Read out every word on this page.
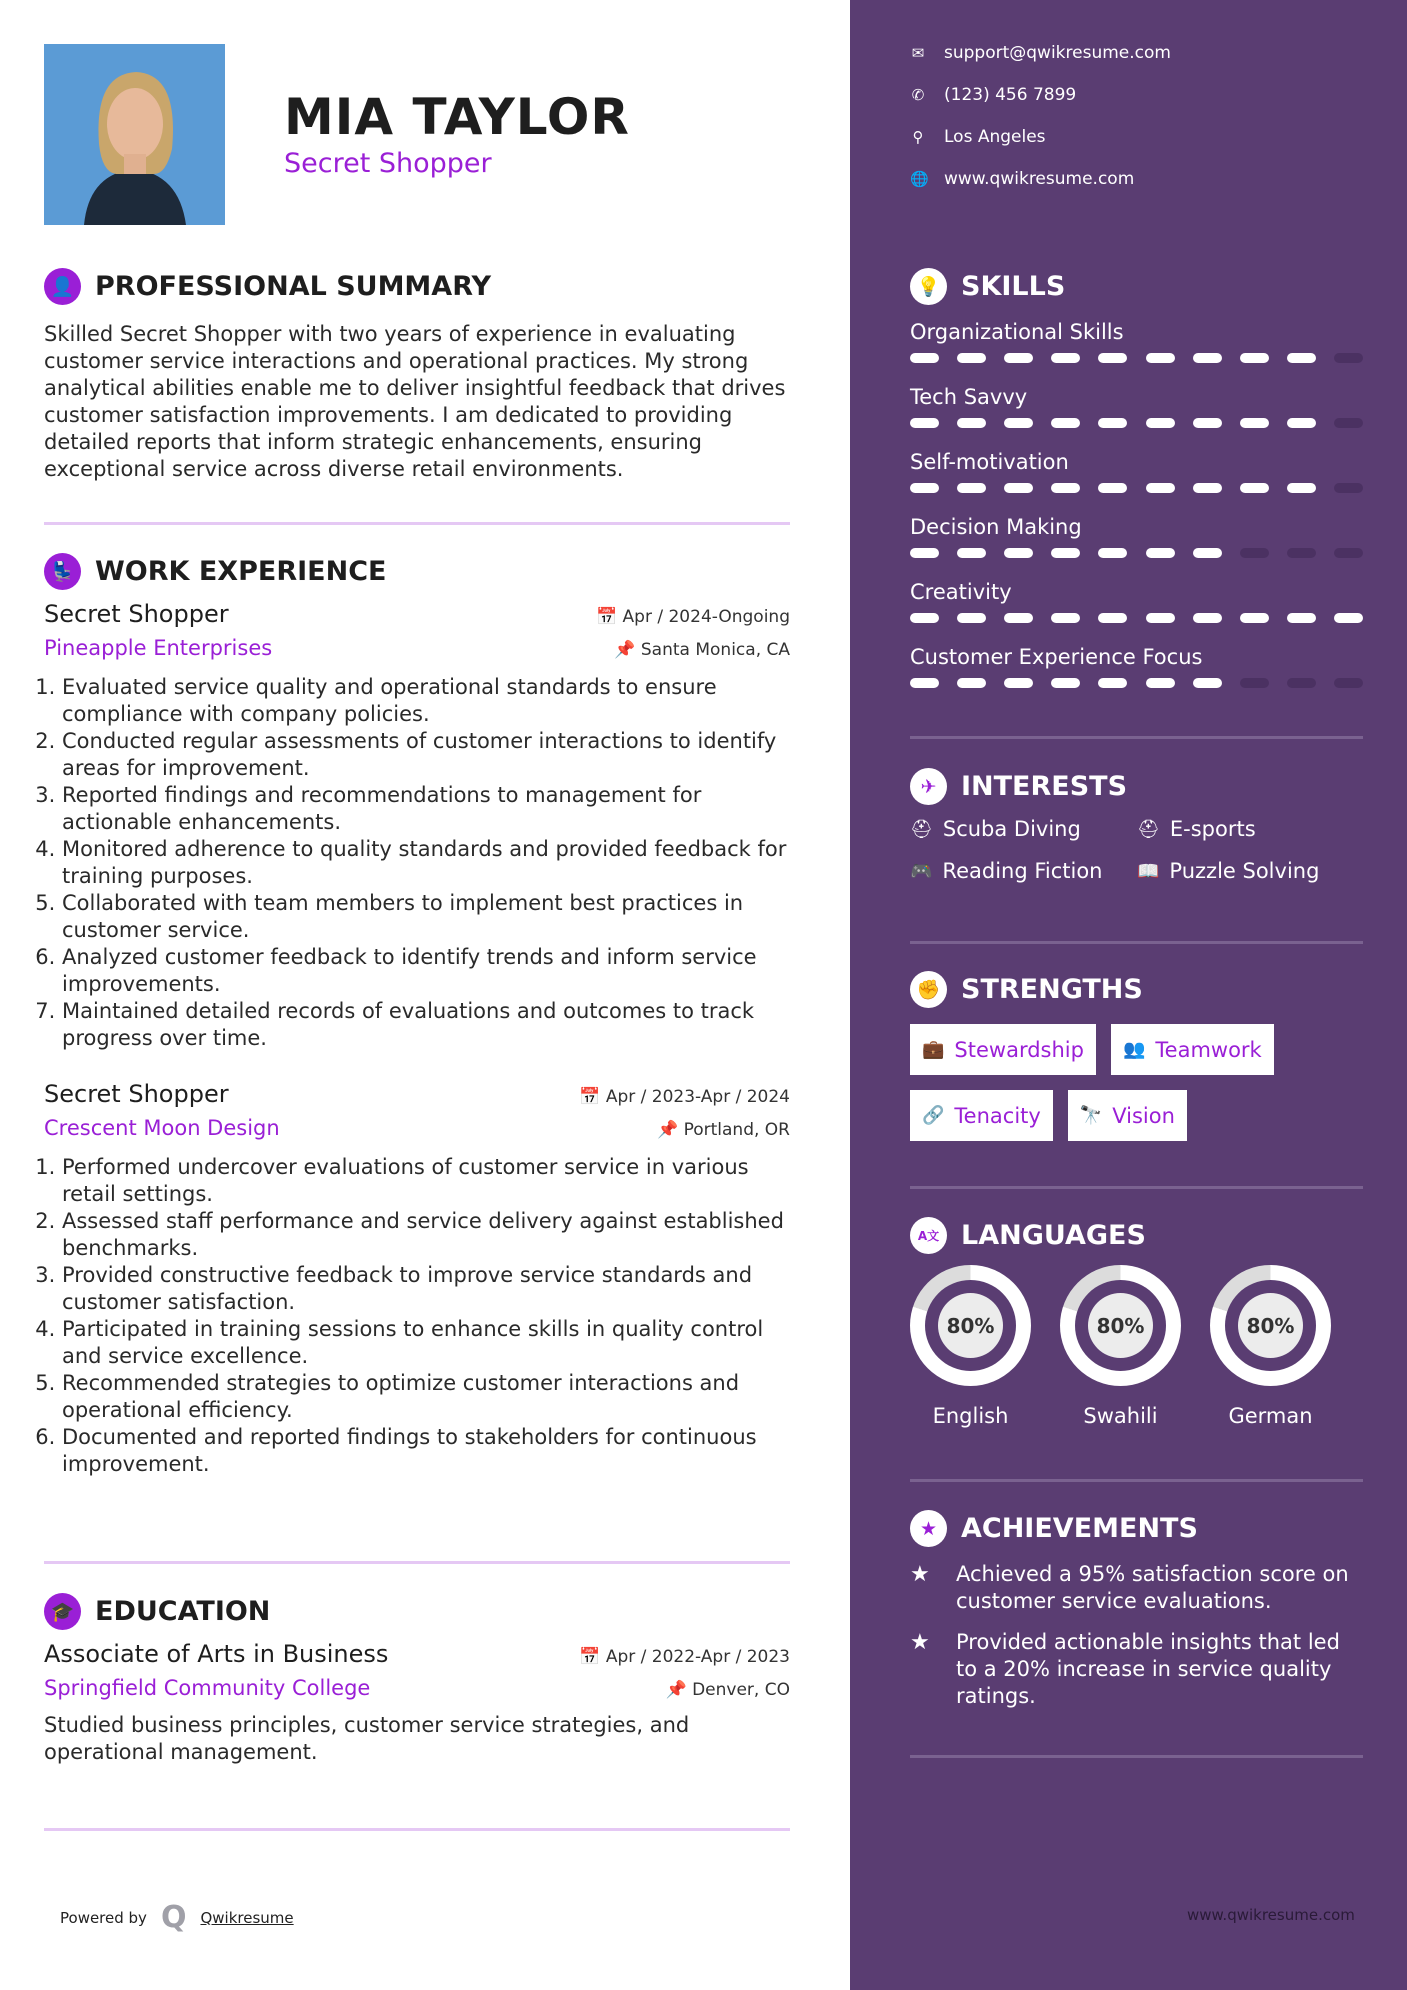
MIA TAYLOR
Secret Shopper
👤 PROFESSIONAL SUMMARY

Skilled Secret Shopper with two years of experience in evaluating customer service interactions and operational practices. My strong analytical abilities enable me to deliver insightful feedback that drives customer satisfaction improvements. I am dedicated to providing detailed reports that inform strategic enhancements, ensuring exceptional service across diverse retail environments.

💺 WORK EXPERIENCE
Secret Shopper	📅 Apr / 2024-Ongoing
Pineapple Enterprises	📌 Santa Monica, CA
1. Evaluated service quality and operational standards to ensure compliance with company policies.
2. Conducted regular assessments of customer interactions to identify areas for improvement.
3. Reported findings and recommendations to management for actionable enhancements.
4. Monitored adherence to quality standards and provided feedback for training purposes.
5. Collaborated with team members to implement best practices in customer service.
6. Analyzed customer feedback to identify trends and inform service improvements.
7. Maintained detailed records of evaluations and outcomes to track progress over time.
Secret Shopper	📅 Apr / 2023-Apr / 2024
Crescent Moon Design	📌 Portland, OR
1. Performed undercover evaluations of customer service in various retail settings.
2. Assessed staff performance and service delivery against established benchmarks.
3. Provided constructive feedback to improve service standards and customer satisfaction.
4. Participated in training sessions to enhance skills in quality control and service excellence.
5. Recommended strategies to optimize customer interactions and operational efficiency.
6. Documented and reported findings to stakeholders for continuous improvement.
🎓 EDUCATION
Associate of Arts in Business	📅 Apr / 2022-Apr / 2023
Springfield Community College	📌 Denver, CO

Studied business principles, customer service strategies, and operational management.

Powered by Q Qwikresume
✉ support@qwikresume.com
✆ (123) 456 7899
⚲ Los Angeles
🌐 www.qwikresume.com
💡 SKILLS
Organizational Skills
Tech Savvy
Self-motivation
Decision Making
Creativity
Customer Experience Focus
✈ INTERESTS
⛑ Scuba Diving	⛑ E-sports
🎮 Reading Fiction 📖 Puzzle Solving
✊ STRENGTHS
💼 Stewardship 👥 Teamwork
🔗 Tenacity 🔭 Vision
A文 LANGUAGES
80%
English
80%
Swahili
80%
German
★ ACHIEVEMENTS
★	Achieved a 95% satisfaction score on customer service evaluations.
★	Provided actionable insights that led to a 20% increase in service quality ratings.
www.qwikresume.com
